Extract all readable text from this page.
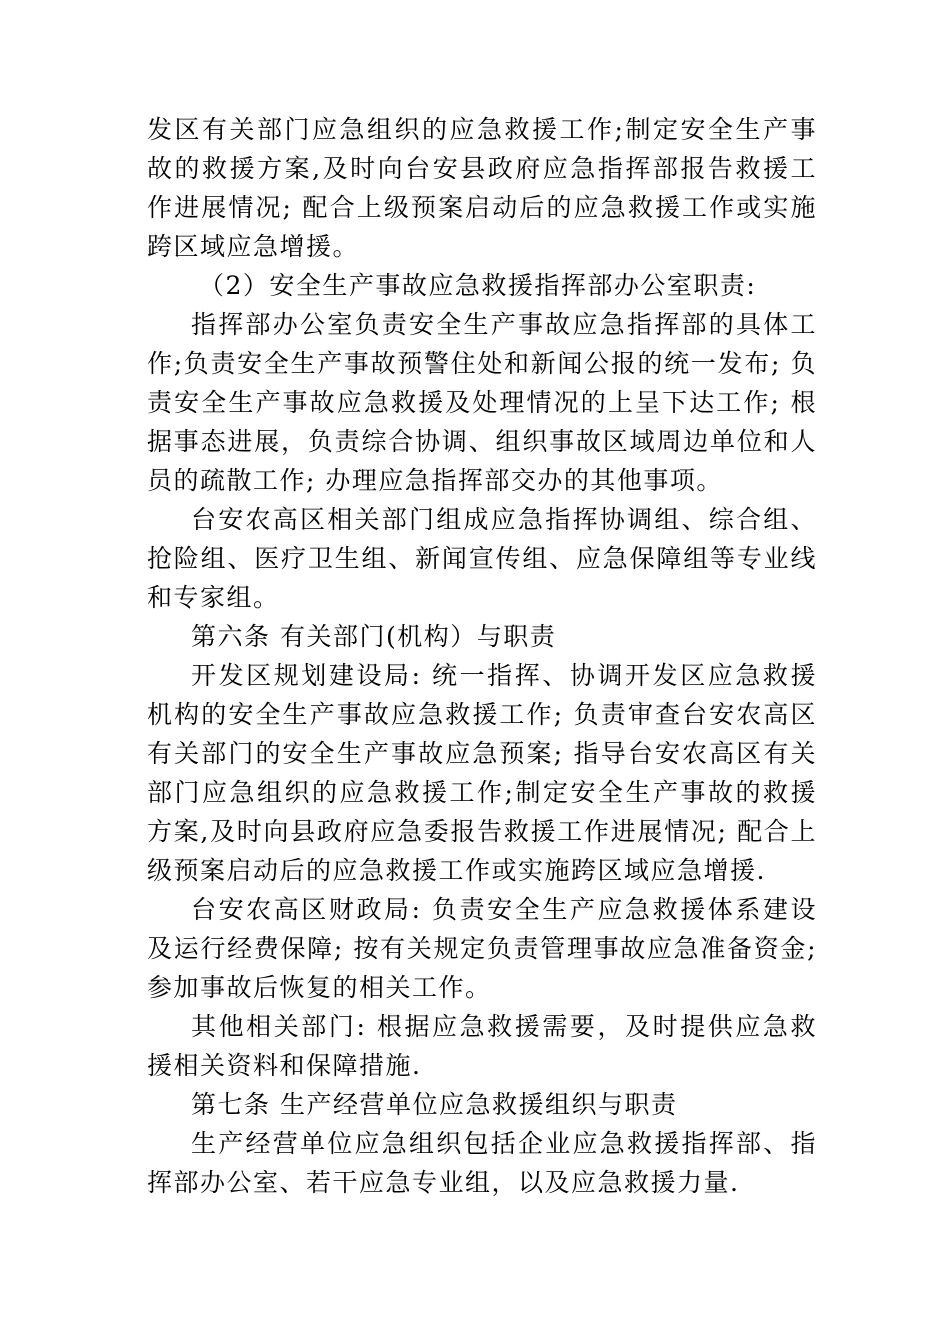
发区有关部门应急组织的应急救援工作;制定安全生产事故的救援方案,及时向台安县政府应急指挥部报告救援工作进展情况; 配合上级预案启动后的应急救援工作或实施跨区域应急增援。

（2）安全生产事故应急救援指挥部办公室职责:

指挥部办公室负责安全生产事故应急指挥部的具体工作;负责安全生产事故预警住处和新闻公报的统一发布; 负责安全生产事故应急救援及处理情况的上呈下达工作; 根据事态进展，负责综合协调、组织事故区域周边单位和人员的疏散工作; 办理应急指挥部交办的其他事项。

台安农高区相关部门组成应急指挥协调组、综合组、抢险组、医疗卫生组、新闻宣传组、应急保障组等专业线和专家组。

第六条 有关部门(机构）与职责

开发区规划建设局: 统一指挥、协调开发区应急救援机构的安全生产事故应急救援工作; 负责审查台安农高区有关部门的安全生产事故应急预案; 指导台安农高区有关部门应急组织的应急救援工作;制定安全生产事故的救援方案,及时向县政府应急委报告救援工作进展情况; 配合上级预案启动后的应急救援工作或实施跨区域应急增援.

台安农高区财政局: 负责安全生产应急救援体系建设及运行经费保障; 按有关规定负责管理事故应急准备资金;参加事故后恢复的相关工作。

其他相关部门: 根据应急救援需要，及时提供应急救援相关资料和保障措施.

第七条 生产经营单位应急救援组织与职责

生产经营单位应急组织包括企业应急救援指挥部、指挥部办公室、若干应急专业组，以及应急救援力量.
